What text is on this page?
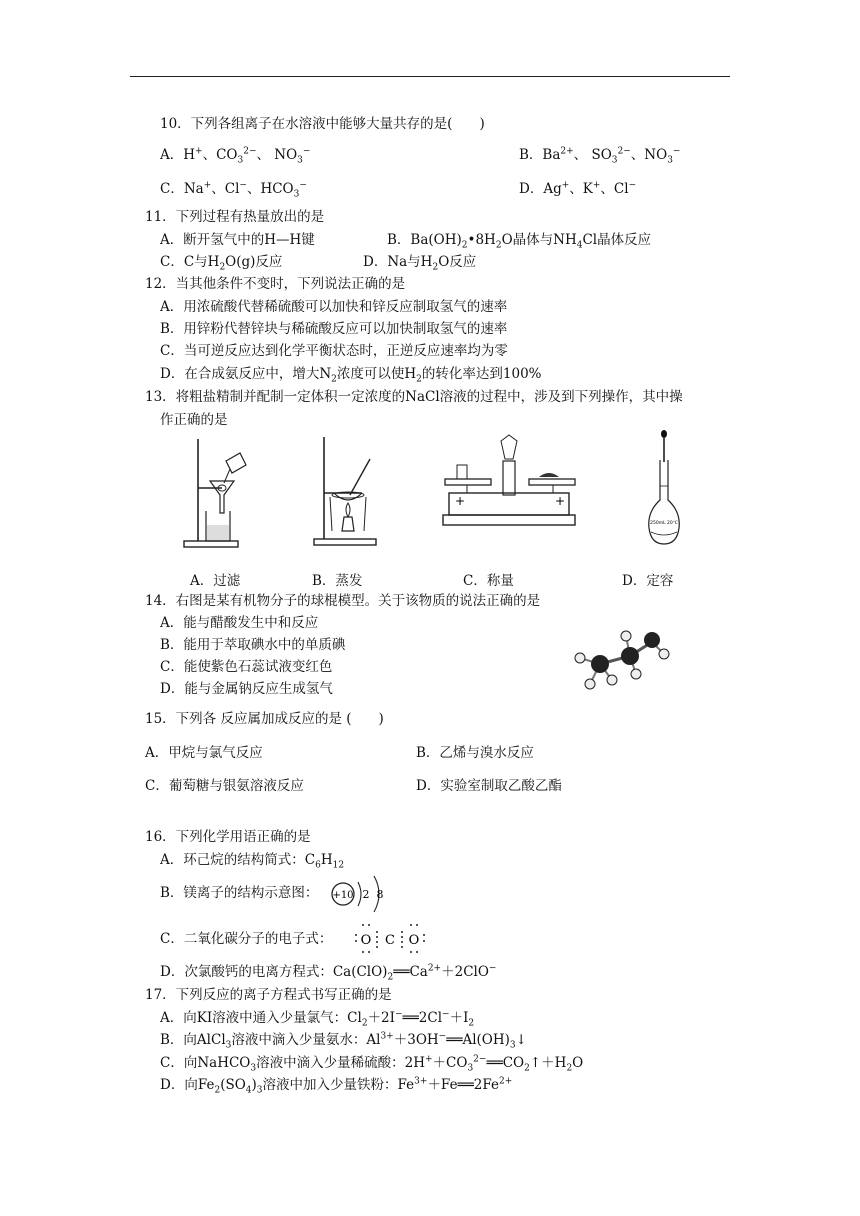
10．下列各组离子在水溶液中能够大量共存的是(　　)
A．H+、$CO_3^{2-}$、 $NO_3^-$	B．$Ba^{2+}$、 $SO_3^{2-}$、$NO_3^-$
C．Na+、Cl−、$HCO_3^-$	D．Ag+、K+、Cl−
11．下列过程有热量放出的是
A．断开氢气中的H—H键	B．$Ba(OH)_2•8H_2O$晶体与$NH_4Cl$晶体反应
C．C与$H_2O(g)$反应	D．Na与$H_2O$反应
12．当其他条件不变时，下列说法正确的是
A．用浓硫酸代替稀硫酸可以加快和锌反应制取氢气的速率
B．用锌粉代替锌块与稀硫酸反应可以加快制取氢气的速率
C．当可逆反应达到化学平衡状态时，正逆反应速率均为零
D．在合成氨反应中，增大$N_2$浓度可以使$H_2$的转化率达到100%
13．将粗盐精制并配制一定体积一定浓度的NaCl溶液的过程中，涉及到下列操作，其中操
作正确的是
+	+
250mL 20℃
A．过滤	B．蒸发	C．称量	D．定容
14．右图是某有机物分子的球棍模型。关于该物质的说法正确的是
A．能与醋酸发生中和反应
B．能用于萃取碘水中的单质碘
C．能使紫色石蕊试液变红色
D．能与金属钠反应生成氢气
15．下列各 反应属加成反应的是 (　　)
A．甲烷与氯气反应	B．乙烯与溴水反应
C．葡萄糖与银氨溶液反应	D．实验室制取乙酸乙酯
16．下列化学用语正确的是
A．环己烷的结构简式：$C_6H_{12}$
B．镁离子的结构示意图： +10 2 8
C．二氧化碳分子的电子式： O C O
D．次氯酸钙的电离方程式：$Ca(ClO)_2══Ca^{2+}+2ClO^-$
17．下列反应的离子方程式书写正确的是
A．向KI溶液中通入少量氯气：$Cl_2+2I^-══2Cl^-+I_2$
B．向AlCl$_3$溶液中滴入少量氨水：$Al^{3+}+3OH^-══Al(OH)_3↓$
C．向NaHCO$_3$溶液中滴入少量稀硫酸：$2H^++CO_3^{2-}══CO_2↑+H_2O$
D．向$Fe_2(SO_4)_3$溶液中加入少量铁粉：$Fe^{3+}+Fe══2Fe^{2+}$
